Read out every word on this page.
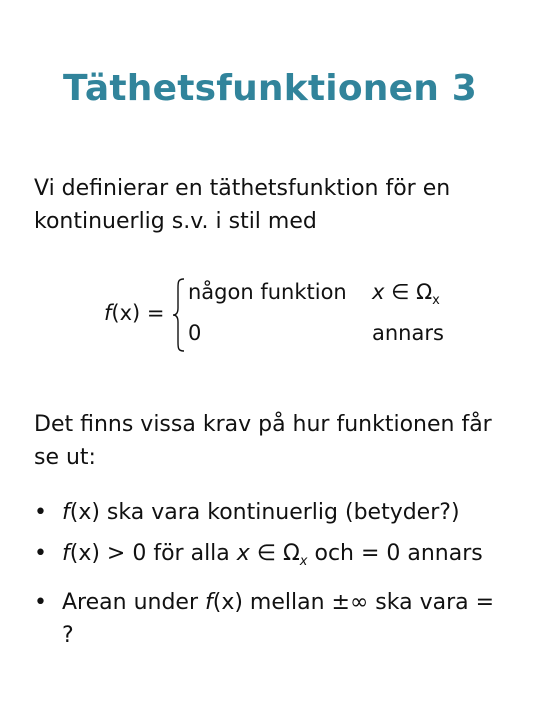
Täthetsfunktionen 3
Vi definierar en täthetsfunktion för en kontinuerlig s.v. i stil med
f(x) =
någon funktion x ∈ $\Omega_x$
0	annars
Det finns vissa krav på hur funktionen får se ut:
• f(x) ska vara kontinuerlig (betyder?)
• f(x) > 0 för alla x ∈ $\Omega_x$ och = 0 annars
• Arean under f(x) mellan ±∞ ska vara = ?
